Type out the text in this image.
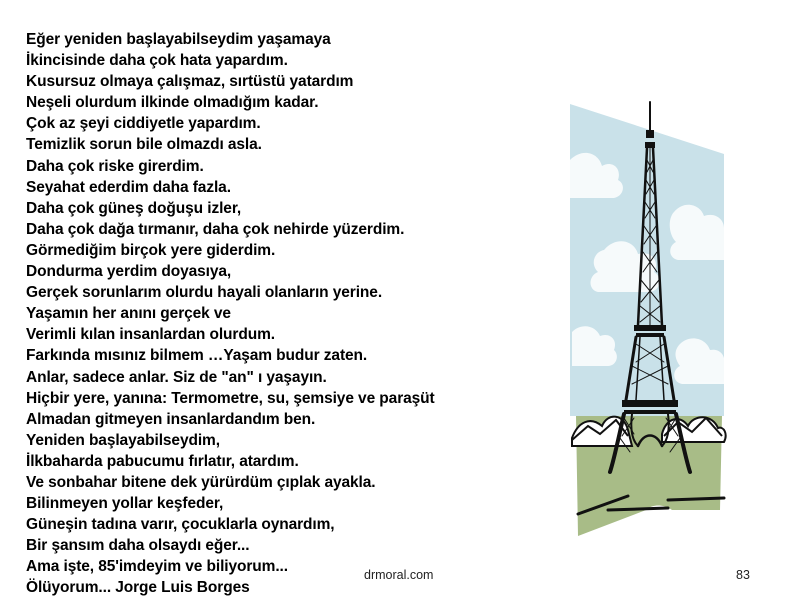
Eğer yeniden başlayabilseydim yaşamaya
İkincisinde daha çok hata yapardım.
Kusursuz olmaya çalışmaz, sırtüstü yatardım
Neşeli olurdum ilkinde olmadığım kadar.
Çok az şeyi ciddiyetle yapardım.
Temizlik sorun bile olmazdı asla.
Daha çok riske girerdim.
Seyahat ederdim daha fazla.
Daha çok güneş doğuşu izler,
Daha çok dağa tırmanır, daha çok nehirde yüzerdim.
Görmediğim birçok yere giderdim.
Dondurma yerdim doyasıya,
Gerçek sorunlarım olurdu hayali olanların yerine.
Yaşamın her anını gerçek ve
Verimli kılan insanlardan olurdum.
Farkında mısınız bilmem …Yaşam budur zaten.
Anlar, sadece anlar. Siz de "an" ı yaşayın.
Hiçbir yere, yanına: Termometre, su, şemsiye ve paraşüt
Almadan gitmeyen insanlardandım ben.
Yeniden başlayabilseydim,
İlkbaharda pabucumu fırlatır, atardım.
Ve sonbahar bitene dek yürürdüm çıplak ayakla.
Bilinmeyen yollar keşfeder,
Güneşin tadına varır, çocuklarla oynardım,
Bir şansım daha olsaydı eğer...
Ama işte, 85'imdeyim ve biliyorum...
Ölüyorum... Jorge Luis Borges
drmoral.com	83
